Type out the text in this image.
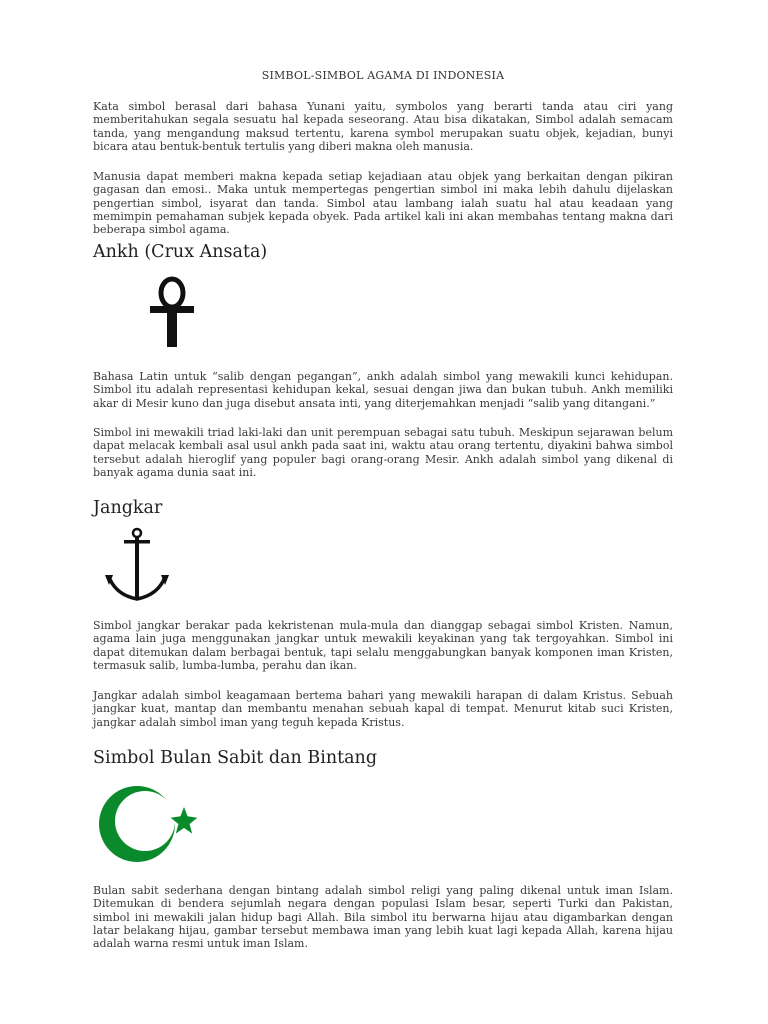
SIMBOL-SIMBOL AGAMA DI INDONESIA

Kata simbol berasal dari bahasa Yunani yaitu, symbolos yang berarti tanda atau ciri yang memberitahukan segala sesuatu hal kepada seseorang. Atau bisa dikatakan, Simbol adalah semacam tanda, yang mengandung maksud tertentu, karena symbol merupakan suatu objek, kejadian, bunyi bicara atau bentuk-bentuk tertulis yang diberi makna oleh manusia.

Manusia dapat memberi makna kepada setiap kejadiaan atau objek yang berkaitan dengan pikiran gagasan dan emosi.. Maka untuk mempertegas pengertian simbol ini maka lebih dahulu dijelaskan pengertian simbol, isyarat dan tanda. Simbol atau lambang ialah suatu hal atau keadaan yang memimpin pemahaman subjek kepada obyek. Pada artikel kali ini akan membahas tentang makna dari beberapa simbol agama.

Ankh (Crux Ansata)

Bahasa Latin untuk “salib dengan pegangan”, ankh adalah simbol yang mewakili kunci kehidupan. Simbol itu adalah representasi kehidupan kekal, sesuai dengan jiwa dan bukan tubuh. Ankh memiliki akar di Mesir kuno dan juga disebut ansata inti, yang diterjemahkan menjadi “salib yang ditangani.”

Simbol ini mewakili triad laki-laki dan unit perempuan sebagai satu tubuh. Meskipun sejarawan belum dapat melacak kembali asal usul ankh pada saat ini, waktu atau orang tertentu, diyakini bahwa simbol tersebut adalah hieroglif yang populer bagi orang-orang Mesir. Ankh adalah simbol yang dikenal di banyak agama dunia saat ini.

Jangkar

Simbol jangkar berakar pada kekristenan mula-mula dan dianggap sebagai simbol Kristen. Namun, agama lain juga menggunakan jangkar untuk mewakili keyakinan yang tak tergoyahkan. Simbol ini dapat ditemukan dalam berbagai bentuk, tapi selalu menggabungkan banyak komponen iman Kristen, termasuk salib, lumba-lumba, perahu dan ikan.

Jangkar adalah simbol keagamaan bertema bahari yang mewakili harapan di dalam Kristus. Sebuah jangkar kuat, mantap dan membantu menahan sebuah kapal di tempat. Menurut kitab suci Kristen, jangkar adalah simbol iman yang teguh kepada Kristus.

Simbol Bulan Sabit dan Bintang

Bulan sabit sederhana dengan bintang adalah simbol religi yang paling dikenal untuk iman Islam. Ditemukan di bendera sejumlah negara dengan populasi Islam besar, seperti Turki dan Pakistan, simbol ini mewakili jalan hidup bagi Allah. Bila simbol itu berwarna hijau atau digambarkan dengan latar belakang hijau, gambar tersebut membawa iman yang lebih kuat lagi kepada Allah, karena hijau adalah warna resmi untuk iman Islam.
